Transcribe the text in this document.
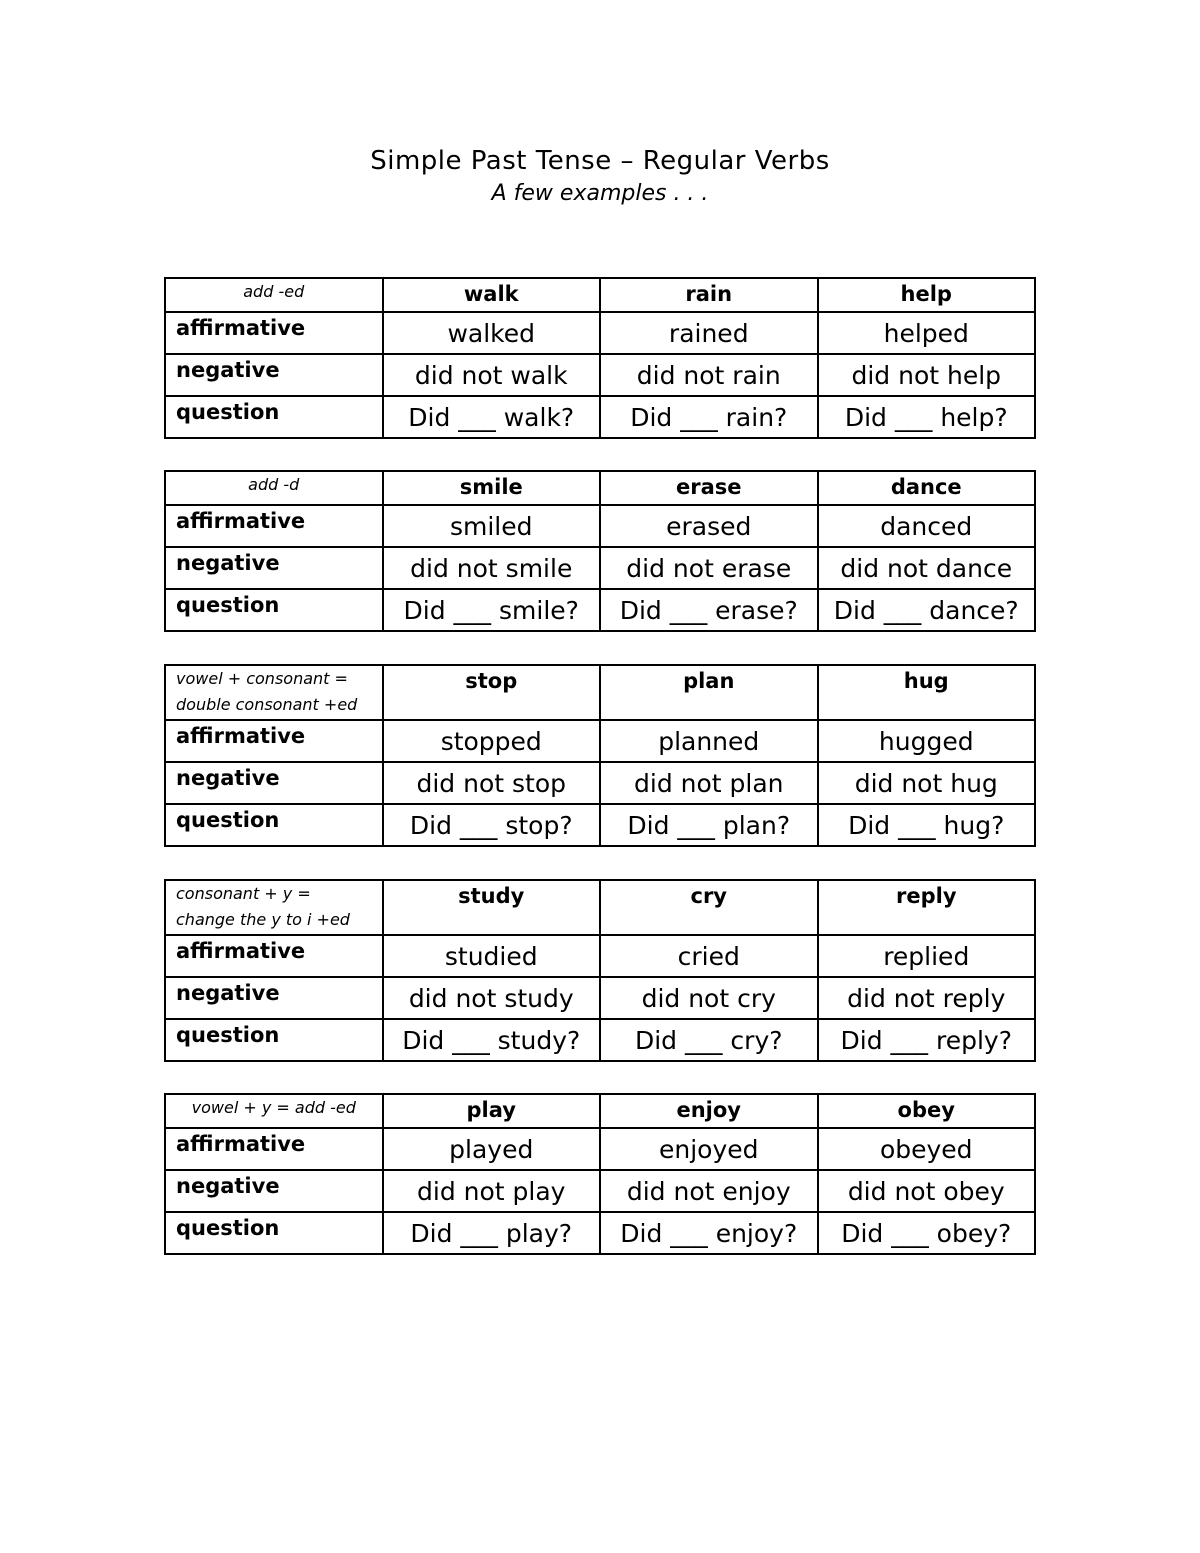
Simple Past Tense – Regular Verbs
A few examples . . .
add -ed	walk	rain	help
affirmative	walked	rained	helped
negative	did not walk	did not rain	did not help
question	Did ___ walk?	Did ___ rain?	Did ___ help?
add -d	smile	erase	dance
affirmative	smiled	erased	danced
negative	did not smile	did not erase	did not dance
question	Did ___ smile?	Did ___ erase?	Did ___ dance?
vowel + consonant =
double consonant +ed	stop	plan	hug
affirmative	stopped	planned	hugged
negative	did not stop	did not plan	did not hug
question	Did ___ stop?	Did ___ plan?	Did ___ hug?
consonant + y =
change the y to i +ed	study	cry	reply
affirmative	studied	cried	replied
negative	did not study	did not cry	did not reply
question	Did ___ study?	Did ___ cry?	Did ___ reply?
vowel + y = add -ed	play	enjoy	obey
affirmative	played	enjoyed	obeyed
negative	did not play	did not enjoy	did not obey
question	Did ___ play?	Did ___ enjoy?	Did ___ obey?
